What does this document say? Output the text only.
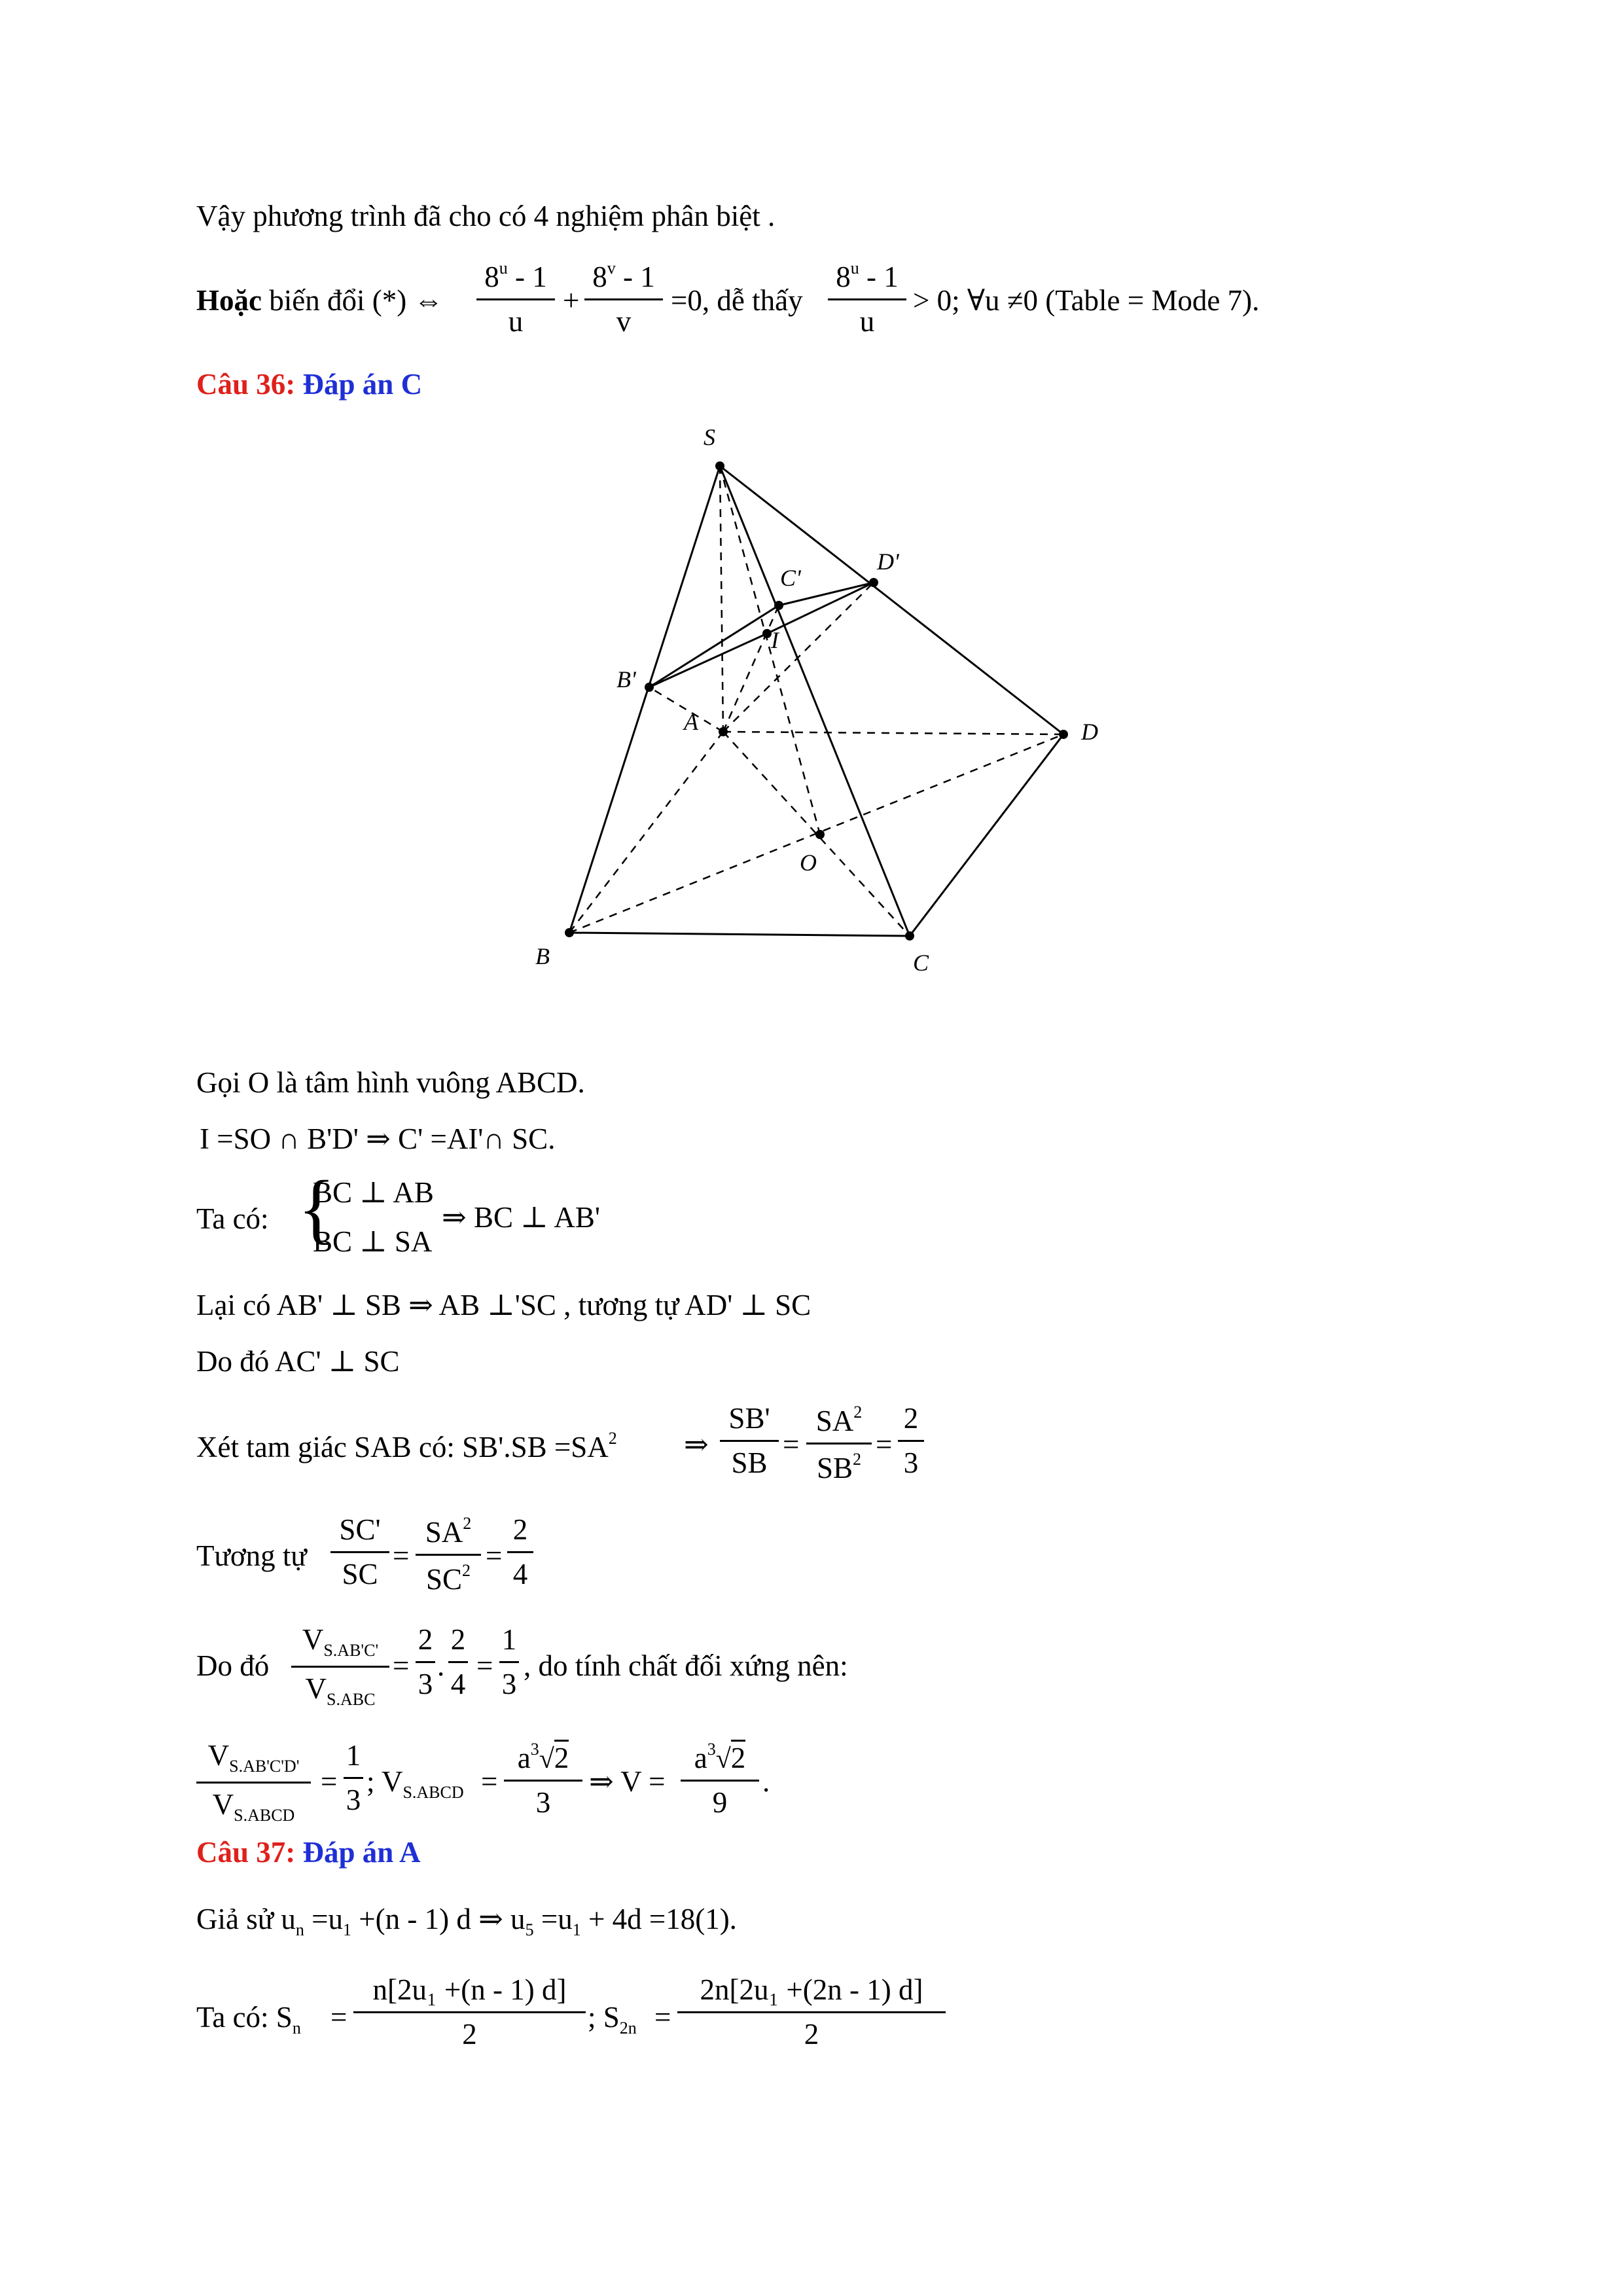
Vậy phương trình đã cho có 4 nghiệm phân biệt .
Hoặc biến đổi (*) ⇔
8$^u$ - 1
u
+
$8^v - 1$
v
=0, dễ thấy
8$^u$ - 1
u
> 0; ∀u ≠0 (Table = Mode 7).
Câu 36: Đáp án C
S
C'
D'
I
B'
A	D
O
B	C
Gọi O là tâm hình vuông ABCD.
I =SO ∩ B'D' ⇒ C' =AI'∩ SC.
Ta có: {
BC ⊥ AB
BC ⊥ SA
⇒ BC ⊥ AB'
Lại có AB' ⊥ SB ⇒ AB ⊥'SC , tương tự AD' ⊥ SC
Do đó AC' ⊥ SC
Xét tam giác SAB có: $SB'.SB =SA^2$ ⇒
SB'
SB
=
$SA^2$
$SB^2$ =
2
3
Tương tự
SC'
SC
=
$SA^2$
$SC^2$ =
2
4
Do đó
$V_{S.AB'C'}$
$V_{S.ABC}$
=
2
3
.
2
4
=
1
3
, do tính chất đối xứng nên:
$V_{S.AB'C'D'}$
$V_{S.ABCD}$
=
1
3
; $V_{S.ABCD}$ =
$a^3√2$
3
⇒ V =
$a^3√2$
9
.
Câu 37: Đáp án A
Giả sử $u_n =u_1 +(n - 1)$ d ⇒ $u_5 =u_1 + 4d =18(1)$.
Ta có: $S_n$ =
n[2u₁ +(n - 1) d]
2
; $S_{2n}$ =
2n[2u₁ +(2n - 1) d]
2
